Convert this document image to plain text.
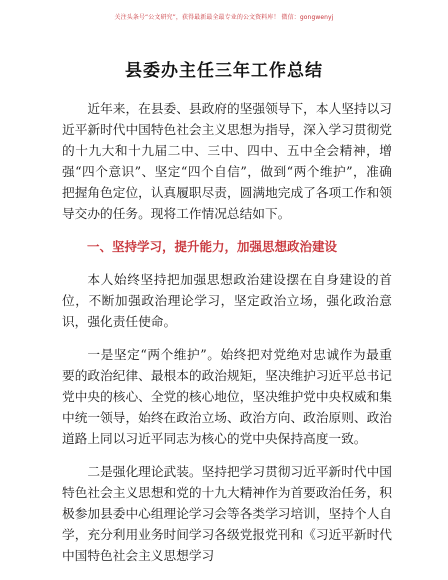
关注头条号“公文研究”，获得最新最全最专业的公文资料库！ 微信：gongwenyj
县委办主任三年工作总结

近年来，在县委、县政府的坚强领导下，本人坚持以习近平新时代中国特色社会主义思想为指导，深入学习贯彻党的十九大和十九届二中、三中、四中、五中全会精神，增强“四个意识”、坚定“四个自信”，做到“两个维护”，准确把握角色定位，认真履职尽责，圆满地完成了各项工作和领导交办的任务。现将工作情况总结如下。

一、坚持学习，提升能力，加强思想政治建设

本人始终坚持把加强思想政治建设摆在自身建设的首位，不断加强政治理论学习，坚定政治立场，强化政治意识，强化责任使命。

一是坚定“两个维护”。始终把对党绝对忠诚作为最重要的政治纪律、最根本的政治规矩，坚决维护习近平总书记党中央的核心、全党的核心地位，坚决维护党中央权威和集中统一领导，始终在政治立场、政治方向、政治原则、政治道路上同以习近平同志为核心的党中央保持高度一致。

二是强化理论武装。坚持把学习贯彻习近平新时代中国特色社会主义思想和党的十九大精神作为首要政治任务，积极参加县委中心组理论学习会等各类学习培训，坚持个人自学，充分利用业务时间学习各级党报党刊和《习近平新时代中国特色社会主义思想学习
